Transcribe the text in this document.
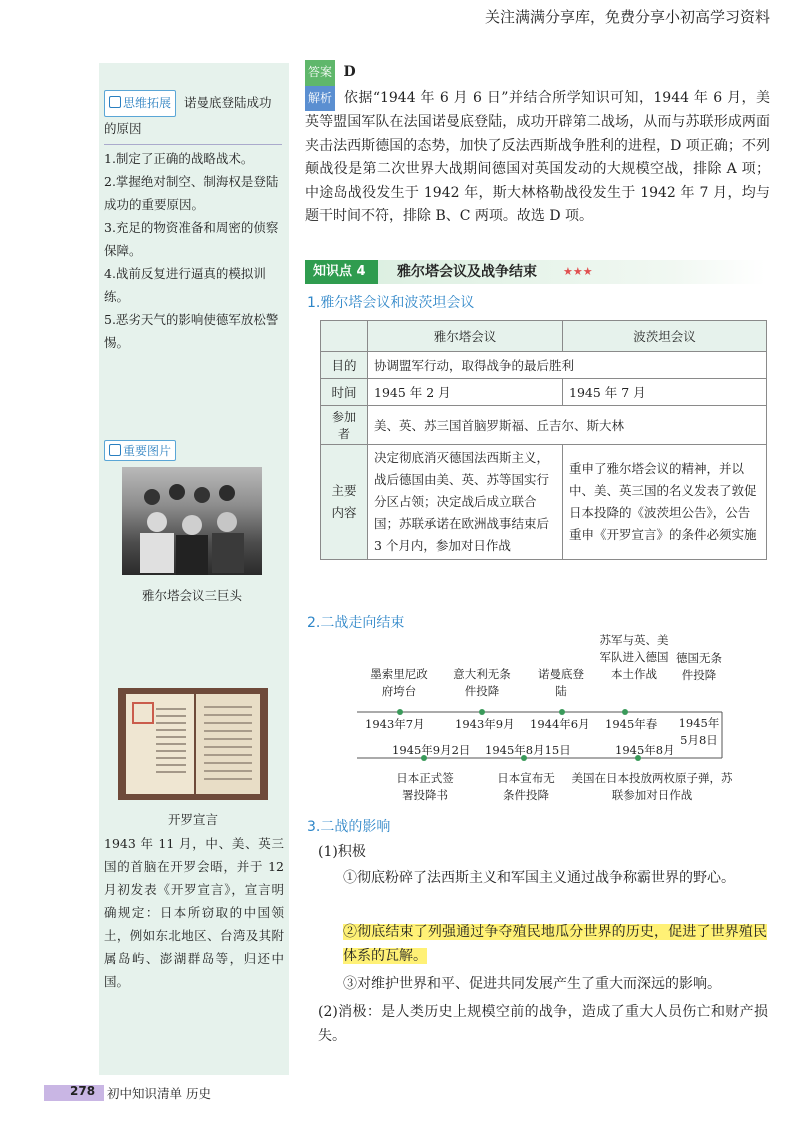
关注满满分享库，免费分享小初高学习资料
思维拓展 诺曼底登陆成功
的原因
1.制定了正确的战略战术。
2.掌握绝对制空、制海权是登陆成功的重要原因。
3.充足的物资准备和周密的侦察保障。
4.战前反复进行逼真的模拟训练。
5.恶劣天气的影响使德军放松警惕。
重要图片
雅尔塔会议三巨头
开罗宣言
1943 年 11 月，中、美、英三国的首脑在开罗会晤，并于 12 月初发表《开罗宣言》，宣言明确规定：日本所窃取的中国领土，例如东北地区、台湾及其附属岛屿、澎湖群岛等，归还中国。
答案 D
解析 依据“1944 年 6 月 6 日”并结合所学知识可知，1944 年 6 月，美英等盟国军队在法国诺曼底登陆，成功开辟第二战场，从而与苏联形成两面夹击法西斯德国的态势，加快了反法西斯战争胜利的进程，D 项正确；不列颠战役是第二次世界大战期间德国对英国发动的大规模空战，排除 A 项；中途岛战役发生于 1942 年，斯大林格勒战役发生于 1942 年 7 月，均与题干时间不符，排除 B、C 两项。故选 D 项。
知识点 4	雅尔塔会议及战争结束 ★★★
1.雅尔塔会议和波茨坦会议
	雅尔塔会议	波茨坦会议
目的	协调盟军行动，取得战争的最后胜利	
时间	1945 年 2 月	1945 年 7 月
参加者	美、英、苏三国首脑罗斯福、丘吉尔、斯大林	
主要内容	决定彻底消灭德国法西斯主义，战后德国由美、英、苏等国实行分区占领；决定战后成立联合国；苏联承诺在欧洲战事结束后 3 个月内，参加对日作战	重申了雅尔塔会议的精神，并以中、美、英三国的名义发表了敦促日本投降的《波茨坦公告》，公告重申《开罗宣言》的条件必须实施
2.二战走向结束
墨索里尼政府垮台
1943年7月
意大利无条件投降
1943年9月
诺曼底登陆
1944年6月
苏军与英、美军队进入德国本土作战
1945年春
德国无条件投降
1945年5月8日
1945年9月2日
日本正式签署投降书
1945年8月15日
日本宣布无条件投降
1945年8月
美国在日本投放两枚原子弹，苏联参加对日作战
3.二战的影响
(1)积极
①彻底粉碎了法西斯主义和军国主义通过战争称霸世界的野心。
②彻底结束了列强通过争夺殖民地瓜分世界的历史，促进了世界殖民体系的瓦解。
③对维护世界和平、促进共同发展产生了重大而深远的影响。
(2)消极：是人类历史上规模空前的战争，造成了重大人员伤亡和财产损失。
278 初中知识清单 历史
